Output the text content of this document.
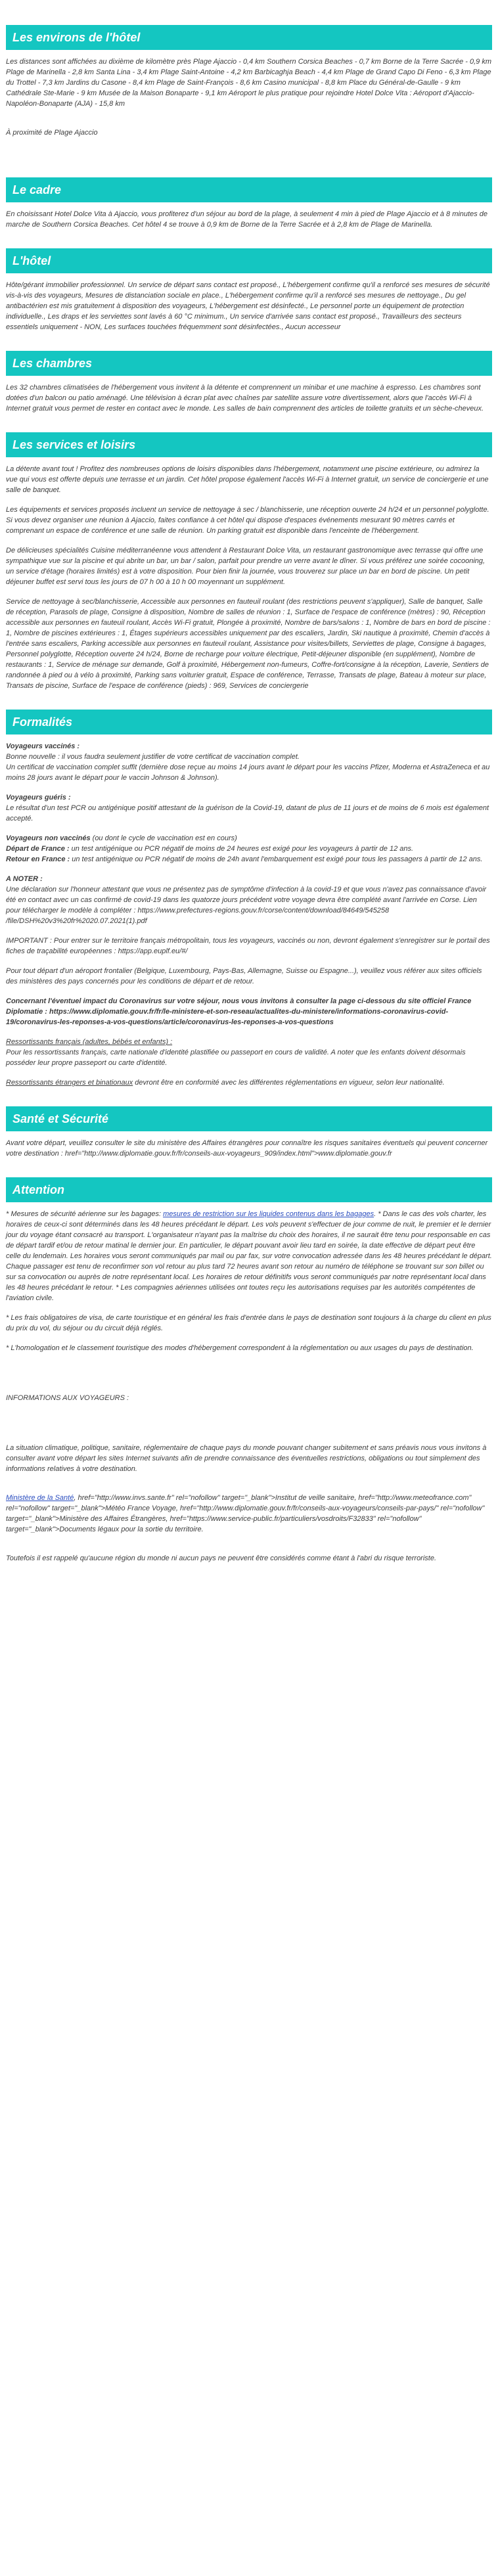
Les environs de l'hôtel

Les distances sont affichées au dixième de kilomètre près Plage Ajaccio - 0,4 km Southern Corsica Beaches - 0,7 km Borne de la Terre Sacrée - 0,9 km Plage de Marinella - 2,8 km Santa Lina - 3,4 km Plage Saint-Antoine - 4,2 km Barbicaghja Beach - 4,4 km Plage de Grand Capo Di Feno - 6,3 km Plage du Trottel - 7,3 km Jardins du Casone - 8,4 km Plage de Saint-François - 8,6 km Casino municipal - 8,8 km Place du Général-de-Gaulle - 9 km Cathédrale Ste-Marie - 9 km Musée de la Maison Bonaparte - 9,1 km Aéroport le plus pratique pour rejoindre Hotel Dolce Vita : Aéroport d'Ajaccio-Napoléon-Bonaparte (AJA) - 15,8 km

À proximité de Plage Ajaccio

Le cadre

En choisissant Hotel Dolce Vita à Ajaccio, vous profiterez d'un séjour au bord de la plage, à seulement 4 min à pied de Plage Ajaccio et à 8 minutes de marche de Southern Corsica Beaches. Cet hôtel 4 se trouve à 0,9 km de Borne de la Terre Sacrée et à 2,8 km de Plage de Marinella.

L'hôtel

Hôte/gérant immobilier professionnel. Un service de départ sans contact est proposé., L'hébergement confirme qu'il a renforcé ses mesures de sécurité vis-à-vis des voyageurs, Mesures de distanciation sociale en place., L'hébergement confirme qu'il a renforcé ses mesures de nettoyage., Du gel antibactérien est mis gratuitement à disposition des voyageurs, L'hébergement est désinfecté., Le personnel porte un équipement de protection individuelle., Les draps et les serviettes sont lavés à 60 °C minimum., Un service d'arrivée sans contact est proposé., Travailleurs des secteurs essentiels uniquement - NON, Les surfaces touchées fréquemment sont désinfectées., Aucun accesseur

Les chambres

Les 32 chambres climatisées de l'hébergement vous invitent à la détente et comprennent un minibar et une machine à espresso. Les chambres sont dotées d'un balcon ou patio aménagé. Une télévision à écran plat avec chaînes par satellite assure votre divertissement, alors que l'accès Wi-Fi à Internet gratuit vous permet de rester en contact avec le monde. Les salles de bain comprennent des articles de toilette gratuits et un sèche-cheveux.

Les services et loisirs

La détente avant tout ! Profitez des nombreuses options de loisirs disponibles dans l'hébergement, notamment une piscine extérieure, ou admirez la vue qui vous est offerte depuis une terrasse et un jardin. Cet hôtel propose également l'accès Wi-Fi à Internet gratuit, un service de conciergerie et une salle de banquet.

Les équipements et services proposés incluent un service de nettoyage à sec / blanchisserie, une réception ouverte 24 h/24 et un personnel polyglotte. Si vous devez organiser une réunion à Ajaccio, faites confiance à cet hôtel qui dispose d'espaces événements mesurant 90 mètres carrés et comprenant un espace de conférence et une salle de réunion. Un parking gratuit est disponible dans l'enceinte de l'hébergement.

De délicieuses spécialités Cuisine méditerranéenne vous attendent à Restaurant Dolce Vita, un restaurant gastronomique avec terrasse qui offre une sympathique vue sur la piscine et qui abrite un bar, un bar / salon, parfait pour prendre un verre avant le dîner. Si vous préférez une soirée cocooning, un service d'étage (horaires limités) est à votre disposition. Pour bien finir la journée, vous trouverez sur place un bar en bord de piscine. Un petit déjeuner buffet est servi tous les jours de 07 h 00 à 10 h 00 moyennant un supplément.

Service de nettoyage à sec/blanchisserie, Accessible aux personnes en fauteuil roulant (des restrictions peuvent s'appliquer), Salle de banquet, Salle de réception, Parasols de plage, Consigne à disposition, Nombre de salles de réunion : 1, Surface de l'espace de conférence (mètres) : 90, Réception accessible aux personnes en fauteuil roulant, Accès Wi-Fi gratuit, Plongée à proximité, Nombre de bars/salons : 1, Nombre de bars en bord de piscine : 1, Nombre de piscines extérieures : 1, Étages supérieurs accessibles uniquement par des escaliers, Jardin, Ski nautique à proximité, Chemin d'accès à l'entrée sans escaliers, Parking accessible aux personnes en fauteuil roulant, Assistance pour visites/billets, Serviettes de plage, Consigne à bagages, Personnel polyglotte, Réception ouverte 24 h/24, Borne de recharge pour voiture électrique, Petit-déjeuner disponible (en supplément), Nombre de restaurants : 1, Service de ménage sur demande, Golf à proximité, Hébergement non-fumeurs, Coffre-fort/consigne à la réception, Laverie, Sentiers de randonnée à pied ou à vélo à proximité, Parking sans voiturier gratuit, Espace de conférence, Terrasse, Transats de plage, Bateau à moteur sur place, Transats de piscine, Surface de l'espace de conférence (pieds) : 969, Services de conciergerie

Formalités

Voyageurs vaccinés :
Bonne nouvelle : il vous faudra seulement justifier de votre certificat de vaccination complet.
Un certificat de vaccination complet suffit (dernière dose reçue au moins 14 jours avant le départ pour les vaccins Pfizer, Moderna et AstraZeneca et au moins 28 jours avant le départ pour le vaccin Johnson & Johnson).

Voyageurs guéris :
Le résultat d'un test PCR ou antigénique positif attestant de la guérison de la Covid-19, datant de plus de 11 jours et de moins de 6 mois est également accepté.

Voyageurs non vaccinés (ou dont le cycle de vaccination est en cours)
Départ de France : un test antigénique ou PCR négatif de moins de 24 heures est exigé pour les voyageurs à partir de 12 ans.
Retour en France : un test antigénique ou PCR négatif de moins de 24h avant l'embarquement est exigé pour tous les passagers à partir de 12 ans.

A NOTER :
Une déclaration sur l'honneur attestant que vous ne présentez pas de symptôme d'infection à la covid-19 et que vous n'avez pas connaissance d'avoir été en contact avec un cas confirmé de covid-19 dans les quatorze jours précédent votre voyage devra être complété avant l'arrivée en Corse. Lien pour télécharger le modèle à compléter : https://www.prefectures-regions.gouv.fr/corse/content/download/84649/545258 /file/DSH%20v3%20fr%2020.07.2021(1).pdf

IMPORTANT : Pour entrer sur le territoire français métropolitain, tous les voyageurs, vaccinés ou non, devront également s'enregistrer sur le portail des fiches de traçabilité européennes : https://app.euplf.eu/#/

Pour tout départ d'un aéroport frontalier (Belgique, Luxembourg, Pays-Bas, Allemagne, Suisse ou Espagne...), veuillez vous référer aux sites officiels des ministères des pays concernés pour les conditions de départ et de retour.

Concernant l'éventuel impact du Coronavirus sur votre séjour, nous vous invitons à consulter la page ci-dessous du site officiel France Diplomatie : https://www.diplomatie.gouv.fr/fr/le-ministere-et-son-reseau/actualites-du-ministere/informations-coronavirus-covid-19/coronavirus-les-reponses-a-vos-questions/article/coronavirus-les-reponses-a-vos-questions

Ressortissants français (adultes, bébés et enfants) :
Pour les ressortissants français, carte nationale d'identité plastifiée ou passeport en cours de validité. A noter que les enfants doivent désormais posséder leur propre passeport ou carte d'identité.

Ressortissants étrangers et binationaux devront être en conformité avec les différentes réglementations en vigueur, selon leur nationalité.

Santé et Sécurité

Avant votre départ, veuillez consulter le site du ministère des Affaires étrangères pour connaître les risques sanitaires éventuels qui peuvent concerner votre destination : href="http://www.diplomatie.gouv.fr/fr/conseils-aux-voyageurs_909/index.html">www.diplomatie.gouv.fr

Attention

* Mesures de sécurité aérienne sur les bagages: mesures de restriction sur les liquides contenus dans les bagages. * Dans le cas des vols charter, les horaires de ceux-ci sont déterminés dans les 48 heures précédant le départ. Les vols peuvent s'effectuer de jour comme de nuit, le premier et le dernier jour du voyage étant consacré au transport. L'organisateur n'ayant pas la maîtrise du choix des horaires, il ne saurait être tenu pour responsable en cas de départ tardif et/ou de retour matinal le dernier jour. En particulier, le départ pouvant avoir lieu tard en soirée, la date effective de départ peut être celle du lendemain. Les horaires vous seront communiqués par mail ou par fax, sur votre convocation adressée dans les 48 heures précédant le départ. Chaque passager est tenu de reconfirmer son vol retour au plus tard 72 heures avant son retour au numéro de téléphone se trouvant sur son billet ou sur sa convocation ou auprès de notre représentant local. Les horaires de retour définitifs vous seront communiqués par notre représentant local dans les 48 heures précédant le retour. * Les compagnies aériennes utilisées ont toutes reçu les autorisations requises par les autorités compétentes de l'aviation civile.

* Les frais obligatoires de visa, de carte touristique et en général les frais d'entrée dans le pays de destination sont toujours à la charge du client en plus du prix du vol, du séjour ou du circuit déjà réglés.

* L'homologation et le classement touristique des modes d'hébergement correspondent à la réglementation ou aux usages du pays de destination.

INFORMATIONS AUX VOYAGEURS :

La situation climatique, politique, sanitaire, réglementaire de chaque pays du monde pouvant changer subitement et sans préavis nous vous invitons à consulter avant votre départ les sites Internet suivants afin de prendre connaissance des éventuelles restrictions, obligations ou tout simplement des informations relatives à votre destination.

Ministère de la Santé, href="http://www.invs.sante.fr" rel="nofollow" target="_blank">Institut de veille sanitaire, href="http://www.meteofrance.com" rel="nofollow" target="_blank">Météo France Voyage, href="http://www.diplomatie.gouv.fr/fr/conseils-aux-voyageurs/conseils-par-pays/" rel="nofollow" target="_blank">Ministère des Affaires Étrangères, href="https://www.service-public.fr/particuliers/vosdroits/F32833" rel="nofollow" target="_blank">Documents légaux pour la sortie du territoire.

Toutefois il est rappelé qu'aucune région du monde ni aucun pays ne peuvent être considérés comme étant à l'abri du risque terroriste.
